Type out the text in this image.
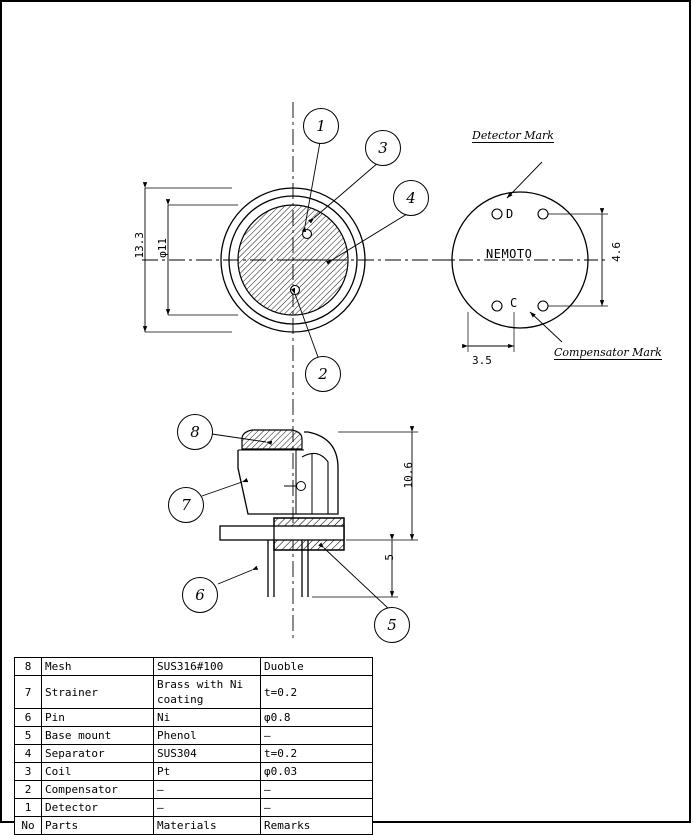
13.3 φ11
1
3
4
2
Detector Mark
Compensator Mark
D
C
NEMOTO	4.6
3.5
10.6
5
8
7
6
5
8	Mesh	SUS316#100	Duoble
7	Strainer	Brass with Ni coating	t=0.2
6	Pin	Ni	φ0.8
5	Base mount	Phenol	—
4	Separator	SUS304	t=0.2
3	Coil	Pt	φ0.03
2	Compensator	—	—
1	Detector	—	—
No	Parts	Materials	Remarks
